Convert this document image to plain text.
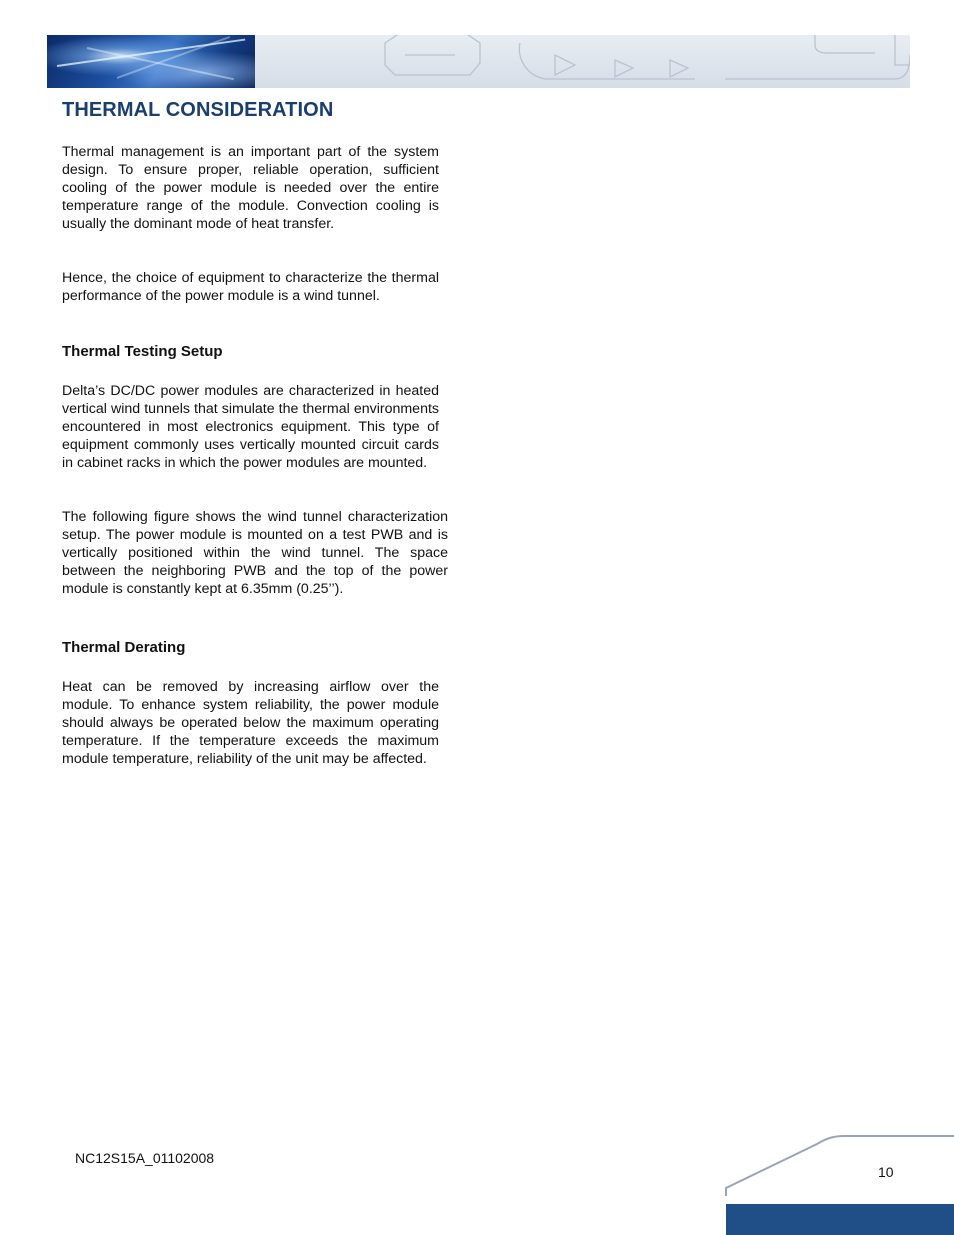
THERMAL CONSIDERATION

Thermal management is an important part of the system design. To ensure proper, reliable operation, sufficient cooling of the power module is needed over the entire temperature range of the module. Convection cooling is usually the dominant mode of heat transfer.

Hence, the choice of equipment to characterize the thermal performance of the power module is a wind tunnel.

Thermal Testing Setup

Delta’s DC/DC power modules are characterized in heated vertical wind tunnels that simulate the thermal environments encountered in most electronics equipment. This type of equipment commonly uses vertically mounted circuit cards in cabinet racks in which the power modules are mounted.

The following figure shows the wind tunnel characterization setup. The power module is mounted on a test PWB and is vertically positioned within the wind tunnel. The space between the neighboring PWB and the top of the power module is constantly kept at 6.35mm (0.25’’).

Thermal Derating

Heat can be removed by increasing airflow over the module. To enhance system reliability, the power module should always be operated below the maximum operating temperature. If the temperature exceeds the maximum module temperature, reliability of the unit may be affected.

NC12S15A_01102008
10
